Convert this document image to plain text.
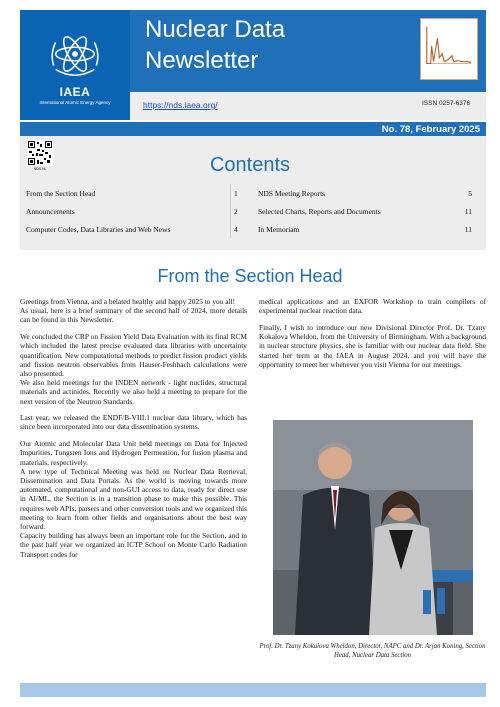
IAEA
International Atomic Energy Agency
Nuclear Data
Newsletter
https://nds.iaea.org/	ISSN 0257-6376
No. 78, February 2025
NDS.NL	Contents
From the Section Head	1	NDS Meeting Reports	5
Announcements	2	Selected Charts, Reports and Documents	11
Computer Codes, Data Libraries and Web News	4	In Memoriam	11
From the Section Head

Greetings from Vienna, and a belated healthy and happy 2025 to you all!

As usual, here is a brief summary of the second half of 2024, more details can be found in this Newsletter.

We concluded the CRP on Fission Yield Data Evaluation with its final RCM which included the latest precise evaluated data libraries with uncertainty quantification. New computational methods to predict fission product yields and fission neutron observables from Hauser-Feshbach calculations were also presented.

We also held meetings for the INDEN network - light nuclides, structural materials and actinides. Recently we also held a meeting to prepare for the next version of the Neutron Standards.

Last year, we released the ENDF/B-VIII.1 nuclear data library, which has since been incorporated into our data dissemination systems.

Our Atomic and Molecular Data Unit held meetings on Data for Injected Impurities, Tungsten Ions and Hydrogen Permeation, for fusion plasma and materials, respectively.

A new type of Technical Meeting was held on Nuclear Data Retrieval, Dissemination and Data Portals. As the world is moving towards more automated, computational and non-GUI access to data, ready for direct use in AI/ML, the Section is in a transition phase to make this possible. This requires web APIs, parsers and other conversion tools and we organized this meeting to learn from other fields and organisations about the best way forward.

Capacity building has always been an important role for the Section, and in the past half year we organized an ICTP School on Monte Carlo Radiation Transport codes for

medical applications and an EXFOR Workshop to train compilers of experimental nuclear reaction data.

Finally, I wish to introduce our new Divisional Director Prof. Dr. Tzany Kokalova Wheldon, from the University of Birmingham. With a background in nuclear structure physics, she is familiar with our nuclear data field. She started her term at the IAEA in August 2024, and you will have the opportunity to meet her whenever you visit Vienna for our meetings.

Prof. Dr. Tzany Kokalova Wheldon, Director, NAPC and Dr. Arjan Koning, Section Head, Nuclear Data Section
